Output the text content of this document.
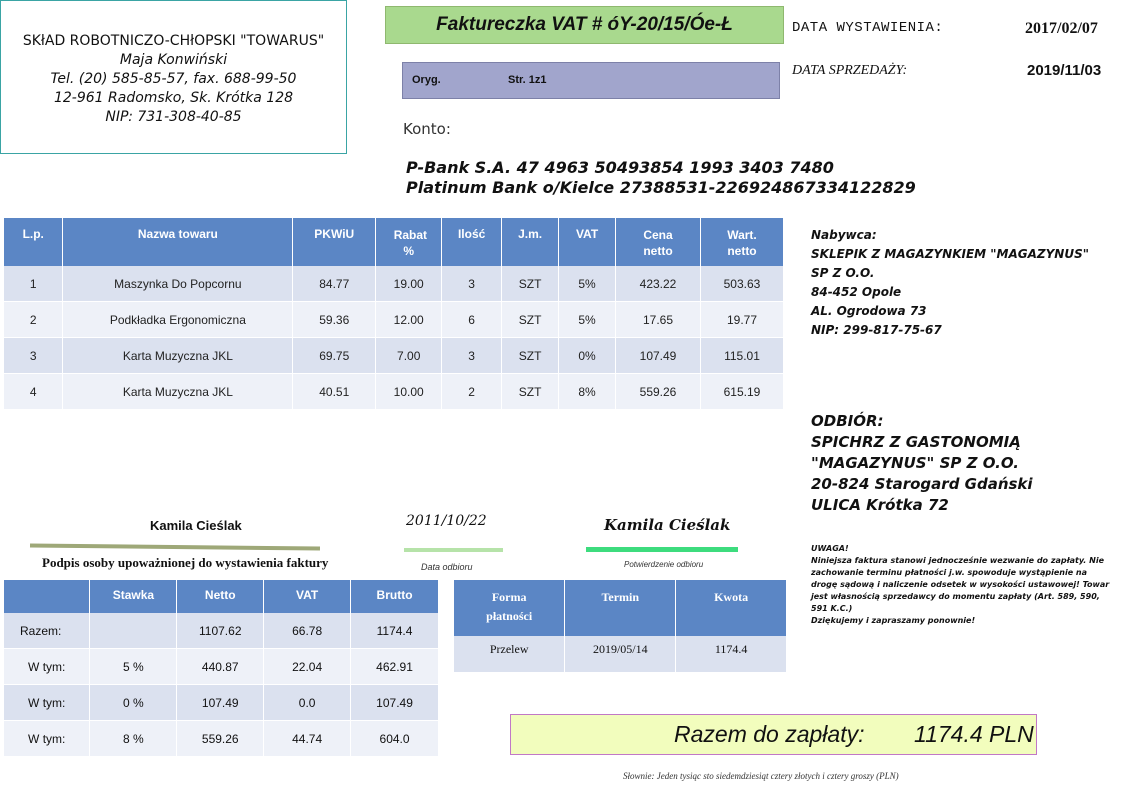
SKłAD ROBOTNICZO-CHłOPSKI "TOWARUS"
Maja Konwiński
Tel. (20) 585-85-57, fax. 688-99-50
12-961 Radomsko, Sk. Krótka 128
NIP: 731-308-40-85
Faktureczka VAT # óY-20/15/Óe-Ł
Oryg.	Str. 1z1
DATA WYSTAWIENIA:	2017/02/07
DATA SPRZEDAŻY:	2019/11/03
Konto:
P-Bank S.A. 47 4963 50493854 1993 3403 7480
Platinum Bank o/Kielce 27388531-226924867334122829
L.p.	Nazwa towaru	PKWiU	Rabat %	Ilość	J.m.	VAT	Cena netto	Wart. netto
1	Maszynka Do Popcornu	84.77	19.00	3	SZT	5%	423.22	503.63
2	Podkładka Ergonomiczna	59.36	12.00	6	SZT	5%	17.65	19.77
3	Karta Muzyczna JKL	69.75	7.00	3	SZT	0%	107.49	115.01
4	Karta Muzyczna JKL	40.51	10.00	2	SZT	8%	559.26	615.19
Nabywca:
SKLEPIK Z MAGAZYNKIEM "MAGAZYNUS"
SP Z O.O.
84-452 Opole
AL. Ogrodowa 73
NIP: 299-817-75-67
ODBIÓR:
SPICHRZ Z GASTONOMIĄ
"MAGAZYNUS" SP Z O.O.
20-824 Starogard Gdański
ULICA Krótka 72
Kamila Cieślak
Podpis osoby upoważnionej do wystawienia faktury
2011/10/22
Data odbioru
Kamila Cieślak
Potwierdzenie odbioru
UWAGA!
Niniejsza faktura stanowi jednocześnie wezwanie do zapłaty. Nie zachowanie terminu płatności j.w. spowoduje wystąpienie na drogę sądową i naliczenie odsetek w wysokości ustawowej! Towar jest własnością sprzedawcy do momentu zapłaty (Art. 589, 590, 591 K.C.)
Dziękujemy i zapraszamy ponownie!
	Stawka	Netto	VAT	Brutto
Razem:		1107.62	66.78	1174.4
W tym:	5 %	440.87	22.04	462.91
W tym:	0 %	107.49	0.0	107.49
W tym:	8 %	559.26	44.74	604.0
Forma płatności	Termin	Kwota
Przelew	2019/05/14	1174.4
Razem do zapłaty: 1174.4 PLN
Słownie: Jeden tysiąc sto siedemdziesiąt cztery złotych i cztery groszy (PLN)
